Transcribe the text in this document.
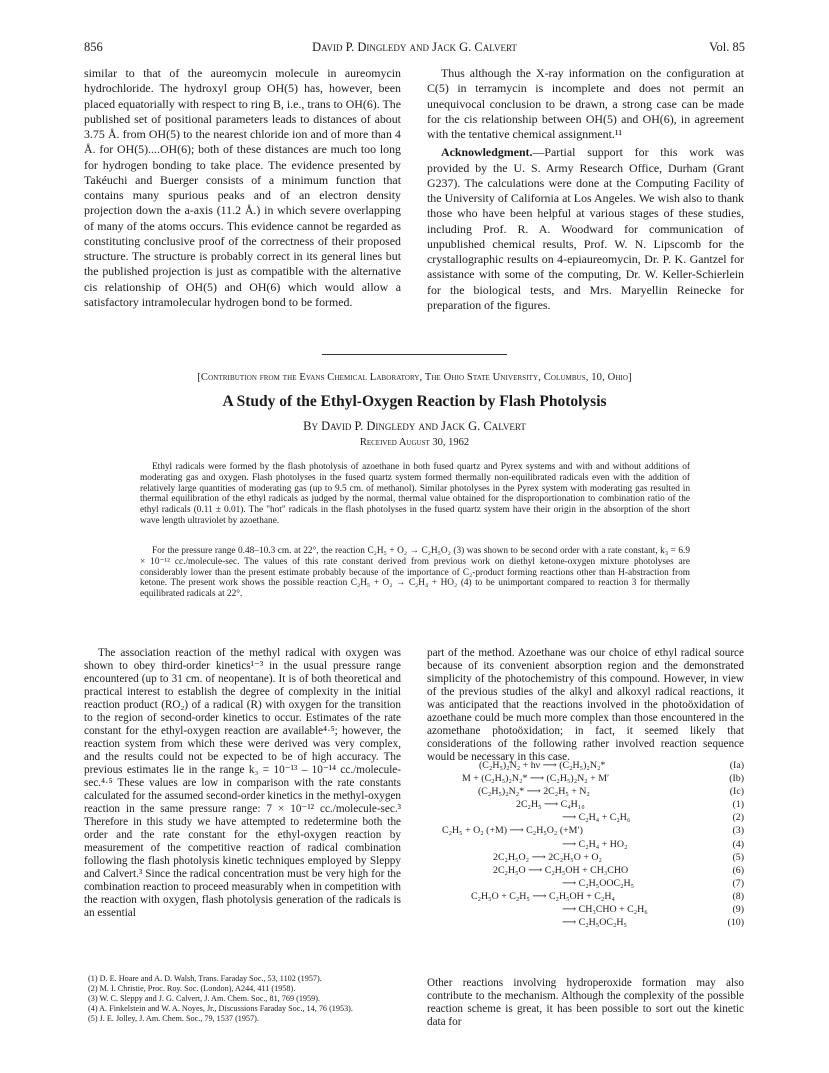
856	David P. Dingledy and Jack G. Calvert	Vol. 85
similar to that of the aureomycin molecule in aureomycin hydrochloride. The hydroxyl group OH(5) has, however, been placed equatorially with respect to ring B, i.e., trans to OH(6). The published set of positional parameters leads to distances of about 3.75 Å. from OH(5) to the nearest chloride ion and of more than 4 Å. for OH(5)....OH(6); both of these distances are much too long for hydrogen bonding to take place. The evidence presented by Takéuchi and Buerger consists of a minimum function that contains many spurious peaks and of an electron density projection down the a-axis (11.2 Å.) in which severe overlapping of many of the atoms occurs. This evidence cannot be regarded as constituting conclusive proof of the correctness of their proposed structure. The structure is probably correct in its general lines but the published projection is just as compatible with the alternative cis relationship of OH(5) and OH(6) which would allow a satisfactory intramolecular hydrogen bond to be formed.
Thus although the X-ray information on the configuration at C(5) in terramycin is incomplete and does not permit an unequivocal conclusion to be drawn, a strong case can be made for the cis relationship between OH(5) and OH(6), in agreement with the tentative chemical assignment.¹¹
Acknowledgment.—Partial support for this work was provided by the U. S. Army Research Office, Durham (Grant G237). The calculations were done at the Computing Facility of the University of California at Los Angeles. We wish also to thank those who have been helpful at various stages of these studies, including Prof. R. A. Woodward for communication of unpublished chemical results, Prof. W. N. Lipscomb for the crystallographic results on 4-epiaureomycin, Dr. P. K. Gantzel for assistance with some of the computing, Dr. W. Keller-Schierlein for the biological tests, and Mrs. Maryellin Reinecke for preparation of the figures.
[Contribution from the Evans Chemical Laboratory, The Ohio State University, Columbus, 10, Ohio]
A Study of the Ethyl-Oxygen Reaction by Flash Photolysis
By David P. Dingledy and Jack G. Calvert
Received August 30, 1962
Ethyl radicals were formed by the flash photolysis of azoethane in both fused quartz and Pyrex systems and with and without additions of moderating gas and oxygen. Flash photolyses in the fused quartz system formed thermally non-equilibrated radicals even with the addition of relatively large quantities of moderating gas (up to 9.5 cm. of methanol). Similar photolyses in the Pyrex system with moderating gas resulted in thermal equilibration of the ethyl radicals as judged by the normal, thermal value obtained for the disproportionation to combination ratio of the ethyl radicals (0.11 ± 0.01). The "hot" radicals in the flash photolyses in the fused quartz system have their origin in the absorption of the short wave length ultraviolet by azoethane.
For the pressure range 0.48–10.3 cm. at 22°, the reaction C₂H₅ + O₂ → C₂H₅O₂ (3) was shown to be second order with a rate constant, k₃ = 6.9 × 10⁻¹² cc./molecule-sec. The values of this rate constant derived from previous work on diethyl ketone-oxygen mixture photolyses are considerably lower than the present estimate probably because of the importance of C₂-product forming reactions other than H-abstraction from ketone. The present work shows the possible reaction C₂H₅ + O₂ → C₂H₄ + HO₂ (4) to be unimportant compared to reaction 3 for thermally equilibrated radicals at 22°.
The association reaction of the methyl radical with oxygen was shown to obey third-order kinetics¹⁻³ in the usual pressure range encountered (up to 31 cm. of neopentane). It is of both theoretical and practical interest to establish the degree of complexity in the initial reaction product (RO₂) of a radical (R) with oxygen for the transition to the region of second-order kinetics to occur. Estimates of the rate constant for the ethyl-oxygen reaction are available⁴·⁵; however, the reaction system from which these were derived was very complex, and the results could not be expected to be of high accuracy. The previous estimates lie in the range k₃ = 10⁻¹³ – 10⁻¹⁴ cc./molecule-sec.⁴·⁵ These values are low in comparison with the rate constants calculated for the assumed second-order kinetics in the methyl-oxygen reaction in the same pressure range: 7 × 10⁻¹² cc./molecule-sec.³ Therefore in this study we have attempted to redetermine both the order and the rate constant for the ethyl-oxygen reaction by measurement of the competitive reaction of radical combination following the flash photolysis kinetic techniques employed by Sleppy and Calvert.³ Since the radical concentration must be very high for the combination reaction to proceed measurably when in competition with the reaction with oxygen, flash photolysis generation of the radicals is an essential
(1) D. E. Hoare and A. D. Walsh, Trans. Faraday Soc., 53, 1102 (1957).
(2) M. I. Christie, Proc. Roy. Soc. (London), A244, 411 (1958).
(3) W. C. Sleppy and J. G. Calvert, J. Am. Chem. Soc., 81, 769 (1959).
(4) A. Finkelstein and W. A. Noyes, Jr., Discussions Faraday Soc., 14, 76 (1953).
(5) J. E. Jolley, J. Am. Chem. Soc., 79, 1537 (1957).
part of the method. Azoethane was our choice of ethyl radical source because of its convenient absorption region and the demonstrated simplicity of the photochemistry of this compound. However, in view of the previous studies of the alkyl and alkoxyl radical reactions, it was anticipated that the reactions involved in the photoöxidation of azoethane could be much more complex than those encountered in the azomethane photoöxidation; in fact, it seemed likely that considerations of the following rather involved reaction sequence would be necessary in this case.
(C₂H₅)₂N₂ + hν ⟶ (C₂H₅)₂N₂*	(Ia)
M + (C₂H₅)₂N₂* ⟶ (C₂H₅)₂N₂ + M′	(Ib)
(C₂H₅)₂N₂* ⟶ 2C₂H₅ + N₂	(Ic)
2C₂H₅ ⟶ C₄H₁₀	(1)
⟶ C₂H₄ + C₂H₆	(2)
C₂H₅ + O₂ (+M) ⟶ C₂H₅O₂ (+M′)	(3)
⟶ C₂H₄ + HO₂	(4)
2C₂H₅O₂ ⟶ 2C₂H₅O + O₂	(5)
2C₂H₅O ⟶ C₂H₅OH + CH₃CHO	(6)
⟶ C₂H₅OOC₂H₅	(7)
C₂H₅O + C₂H₅ ⟶ C₂H₅OH + C₂H₄	(8)
⟶ CH₃CHO + C₂H₆	(9)
⟶ C₂H₅OC₂H₅	(10)
Other reactions involving hydroperoxide formation may also contribute to the mechanism. Although the complexity of the possible reaction scheme is great, it has been possible to sort out the kinetic data for
